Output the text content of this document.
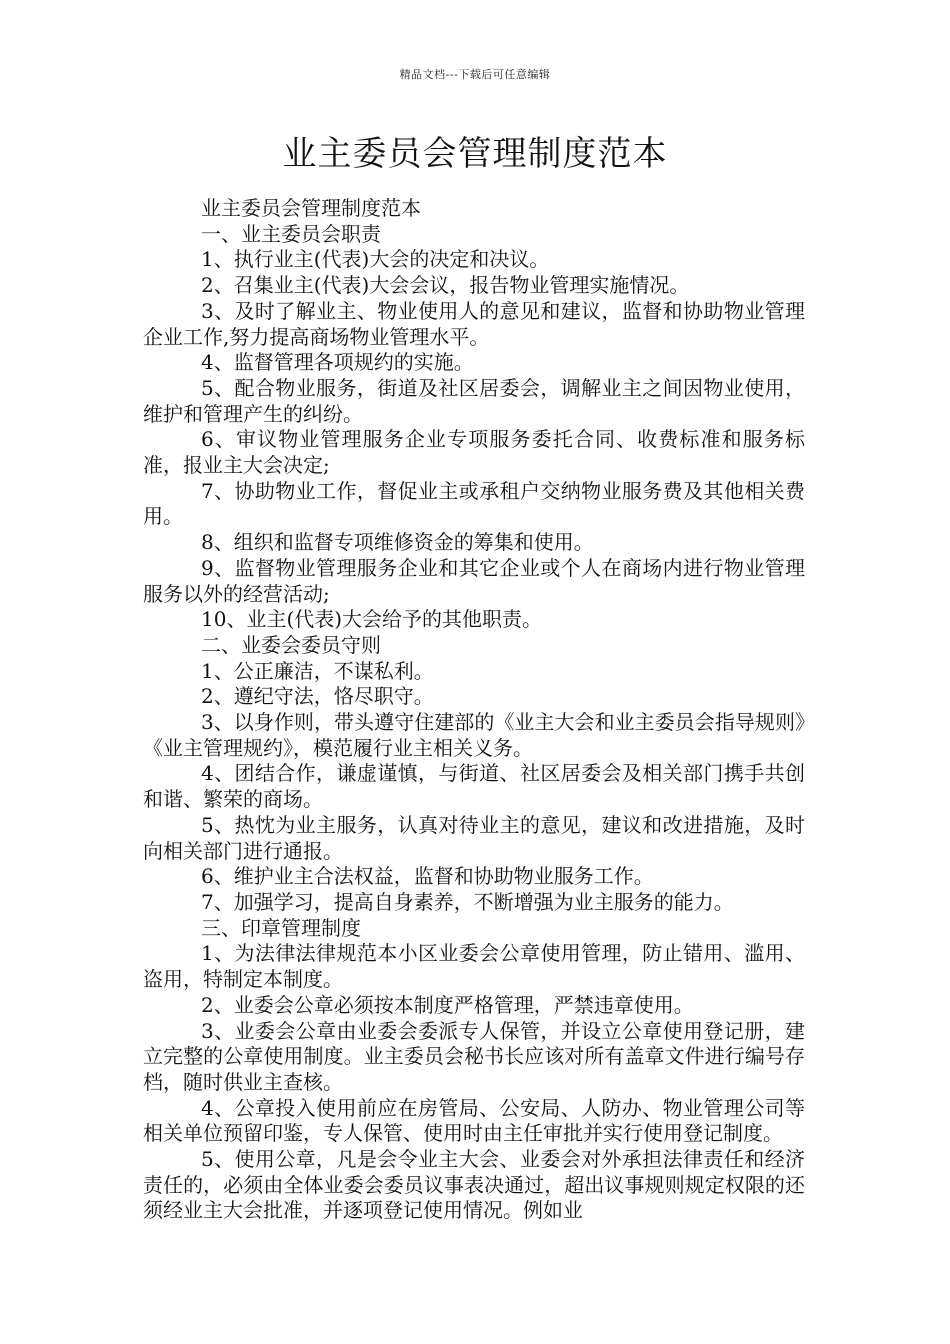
精品文档---下载后可任意编辑
业主委员会管理制度范本

业主委员会管理制度范本

一、业主委员会职责

1、执行业主(代表)大会的决定和决议。

2、召集业主(代表)大会会议，报告物业管理实施情况。

3、及时了解业主、物业使用人的意见和建议，监督和协助物业管理企业工作,努力提高商场物业管理水平。

4、监督管理各项规约的实施。

5、配合物业服务，街道及社区居委会，调解业主之间因物业使用，维护和管理产生的纠纷。

6、审议物业管理服务企业专项服务委托合同、收费标准和服务标准，报业主大会决定;

7、协助物业工作，督促业主或承租户交纳物业服务费及其他相关费用。

8、组织和监督专项维修资金的筹集和使用。

9、监督物业管理服务企业和其它企业或个人在商场内进行物业管理服务以外的经营活动;

10、业主(代表)大会给予的其他职责。

二、业委会委员守则

1、公正廉洁，不谋私利。

2、遵纪守法，恪尽职守。

3、以身作则，带头遵守住建部的《业主大会和业主委员会指导规则》《业主管理规约》，模范履行业主相关义务。

4、团结合作，谦虚谨慎，与街道、社区居委会及相关部门携手共创和谐、繁荣的商场。

5、热忱为业主服务，认真对待业主的意见，建议和改进措施，及时向相关部门进行通报。

6、维护业主合法权益，监督和协助物业服务工作。

7、加强学习，提高自身素养，不断增强为业主服务的能力。

三、印章管理制度

1、为法律法律规范本小区业委会公章使用管理，防止错用、滥用、盗用，特制定本制度。

2、业委会公章必须按本制度严格管理，严禁违章使用。

3、业委会公章由业委会委派专人保管，并设立公章使用登记册，建立完整的公章使用制度。业主委员会秘书长应该对所有盖章文件进行编号存档，随时供业主查核。

4、公章投入使用前应在房管局、公安局、人防办、物业管理公司等相关单位预留印鉴，专人保管、使用时由主任审批并实行使用登记制度。

5、使用公章，凡是会令业主大会、业委会对外承担法律责任和经济责任的，必须由全体业委会委员议事表决通过，超出议事规则规定权限的还须经业主大会批准，并逐项登记使用情况。例如业
